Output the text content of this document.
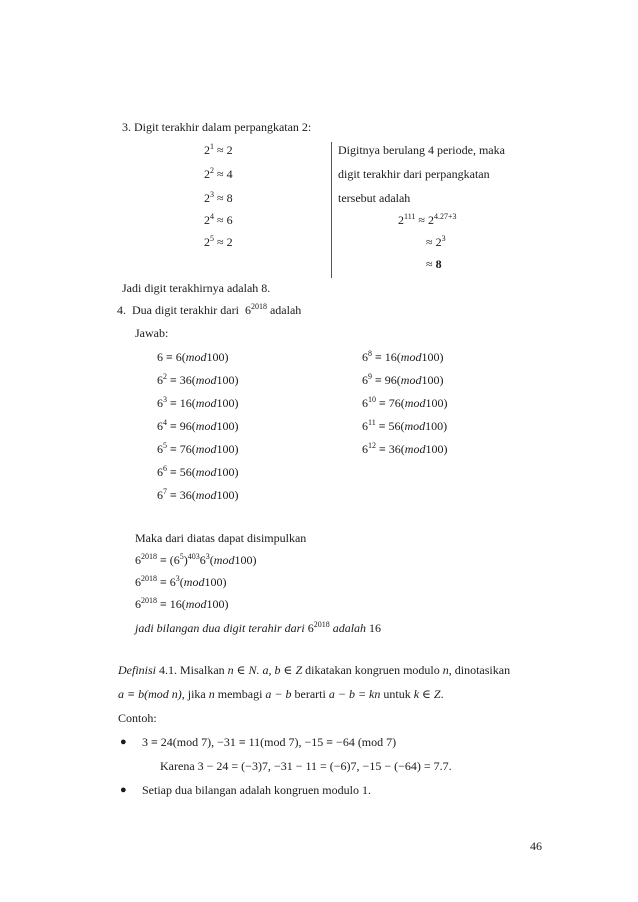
3. Digit terakhir dalam perpangkatan 2:
$2^1 \approx 2$
$2^2 \approx 4$
$2^3 \approx 8$
$2^4 \approx 6$
$2^5 \approx 2$
Digitnya berulang 4 periode, maka
digit terakhir dari perpangkatan
tersebut adalah
$2^{111} \approx 2^{4.27+3}$
≈ $2^3$
≈ 8
Jadi digit terakhirnya adalah 8.
4. Dua digit terakhir dari $6^{2018}$ adalah
Jawab:
6 ≡ 6(mod100)
$6^2 \equiv 36(mod100)$
$6^3 \equiv 16(mod100)$
$6^4 \equiv 96(mod100)$
$6^5 \equiv 76(mod100)$
$6^6 \equiv 56(mod100)$
$6^7 \equiv 36(mod100)$
$6^8 \equiv 16(mod100)$
$6^9 \equiv 96(mod100)$
$6^{10} \equiv 76(mod100)$
$6^{11} \equiv 56(mod100)$
$6^{12} \equiv 36(mod100)$
Maka dari diatas dapat disimpulkan
$6^{2018} \equiv (6^5)^{403}6^3(mod100)$
$6^{2018} \equiv 6^3(mod100)$
$6^{2018} \equiv 16(mod100)$
jadi bilangan dua digit terahir dari $6^{2018}$ adalah 16
Definisi 4.1. Misalkan n ∈ N. a, b ∈ Z dikatakan kongruen modulo n, dinotasikan
a ≡ b(mod n), jika n membagi a − b berarti a − b = kn untuk k ∈ Z.
Contoh:
● 3 ≡ 24(mod 7), −31 ≡ 11(mod 7), −15 ≡ −64 (mod 7)
Karena 3 − 24 = (−3)7, −31 − 11 = (−6)7, −15 − (−64) = 7.7.
● Setiap dua bilangan adalah kongruen modulo 1.
46
